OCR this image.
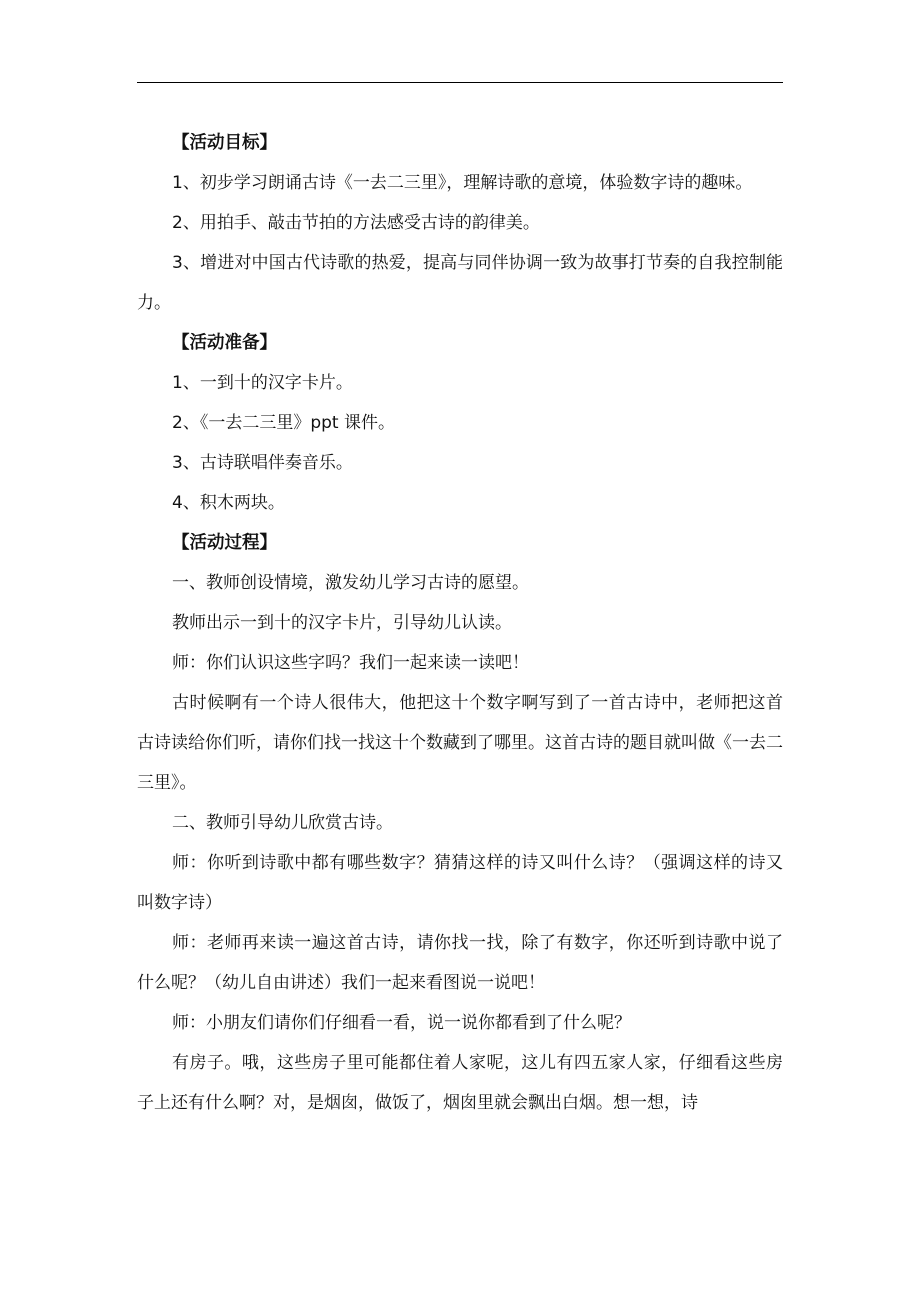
【活动目标】

1、初步学习朗诵古诗《一去二三里》，理解诗歌的意境，体验数字诗的趣味。

2、用拍手、敲击节拍的方法感受古诗的韵律美。

3、增进对中国古代诗歌的热爱，提高与同伴协调一致为故事打节奏的自我控制能力。

【活动准备】

1、一到十的汉字卡片。

2、《一去二三里》ppt 课件。

3、古诗联唱伴奏音乐。

4、积木两块。

【活动过程】

一、教师创设情境，激发幼儿学习古诗的愿望。

教师出示一到十的汉字卡片，引导幼儿认读。

师：你们认识这些字吗？我们一起来读一读吧！

古时候啊有一个诗人很伟大，他把这十个数字啊写到了一首古诗中，老师把这首古诗读给你们听，请你们找一找这十个数藏到了哪里。这首古诗的题目就叫做《一去二三里》。

二、教师引导幼儿欣赏古诗。

师：你听到诗歌中都有哪些数字？猜猜这样的诗又叫什么诗？（强调这样的诗又叫数字诗）

师：老师再来读一遍这首古诗，请你找一找，除了有数字，你还听到诗歌中说了什么呢？（幼儿自由讲述）我们一起来看图说一说吧！

师：小朋友们请你们仔细看一看，说一说你都看到了什么呢？

有房子。哦，这些房子里可能都住着人家呢，这儿有四五家人家，仔细看这些房子上还有什么啊？对，是烟囱，做饭了，烟囱里就会飘出白烟。想一想，诗
